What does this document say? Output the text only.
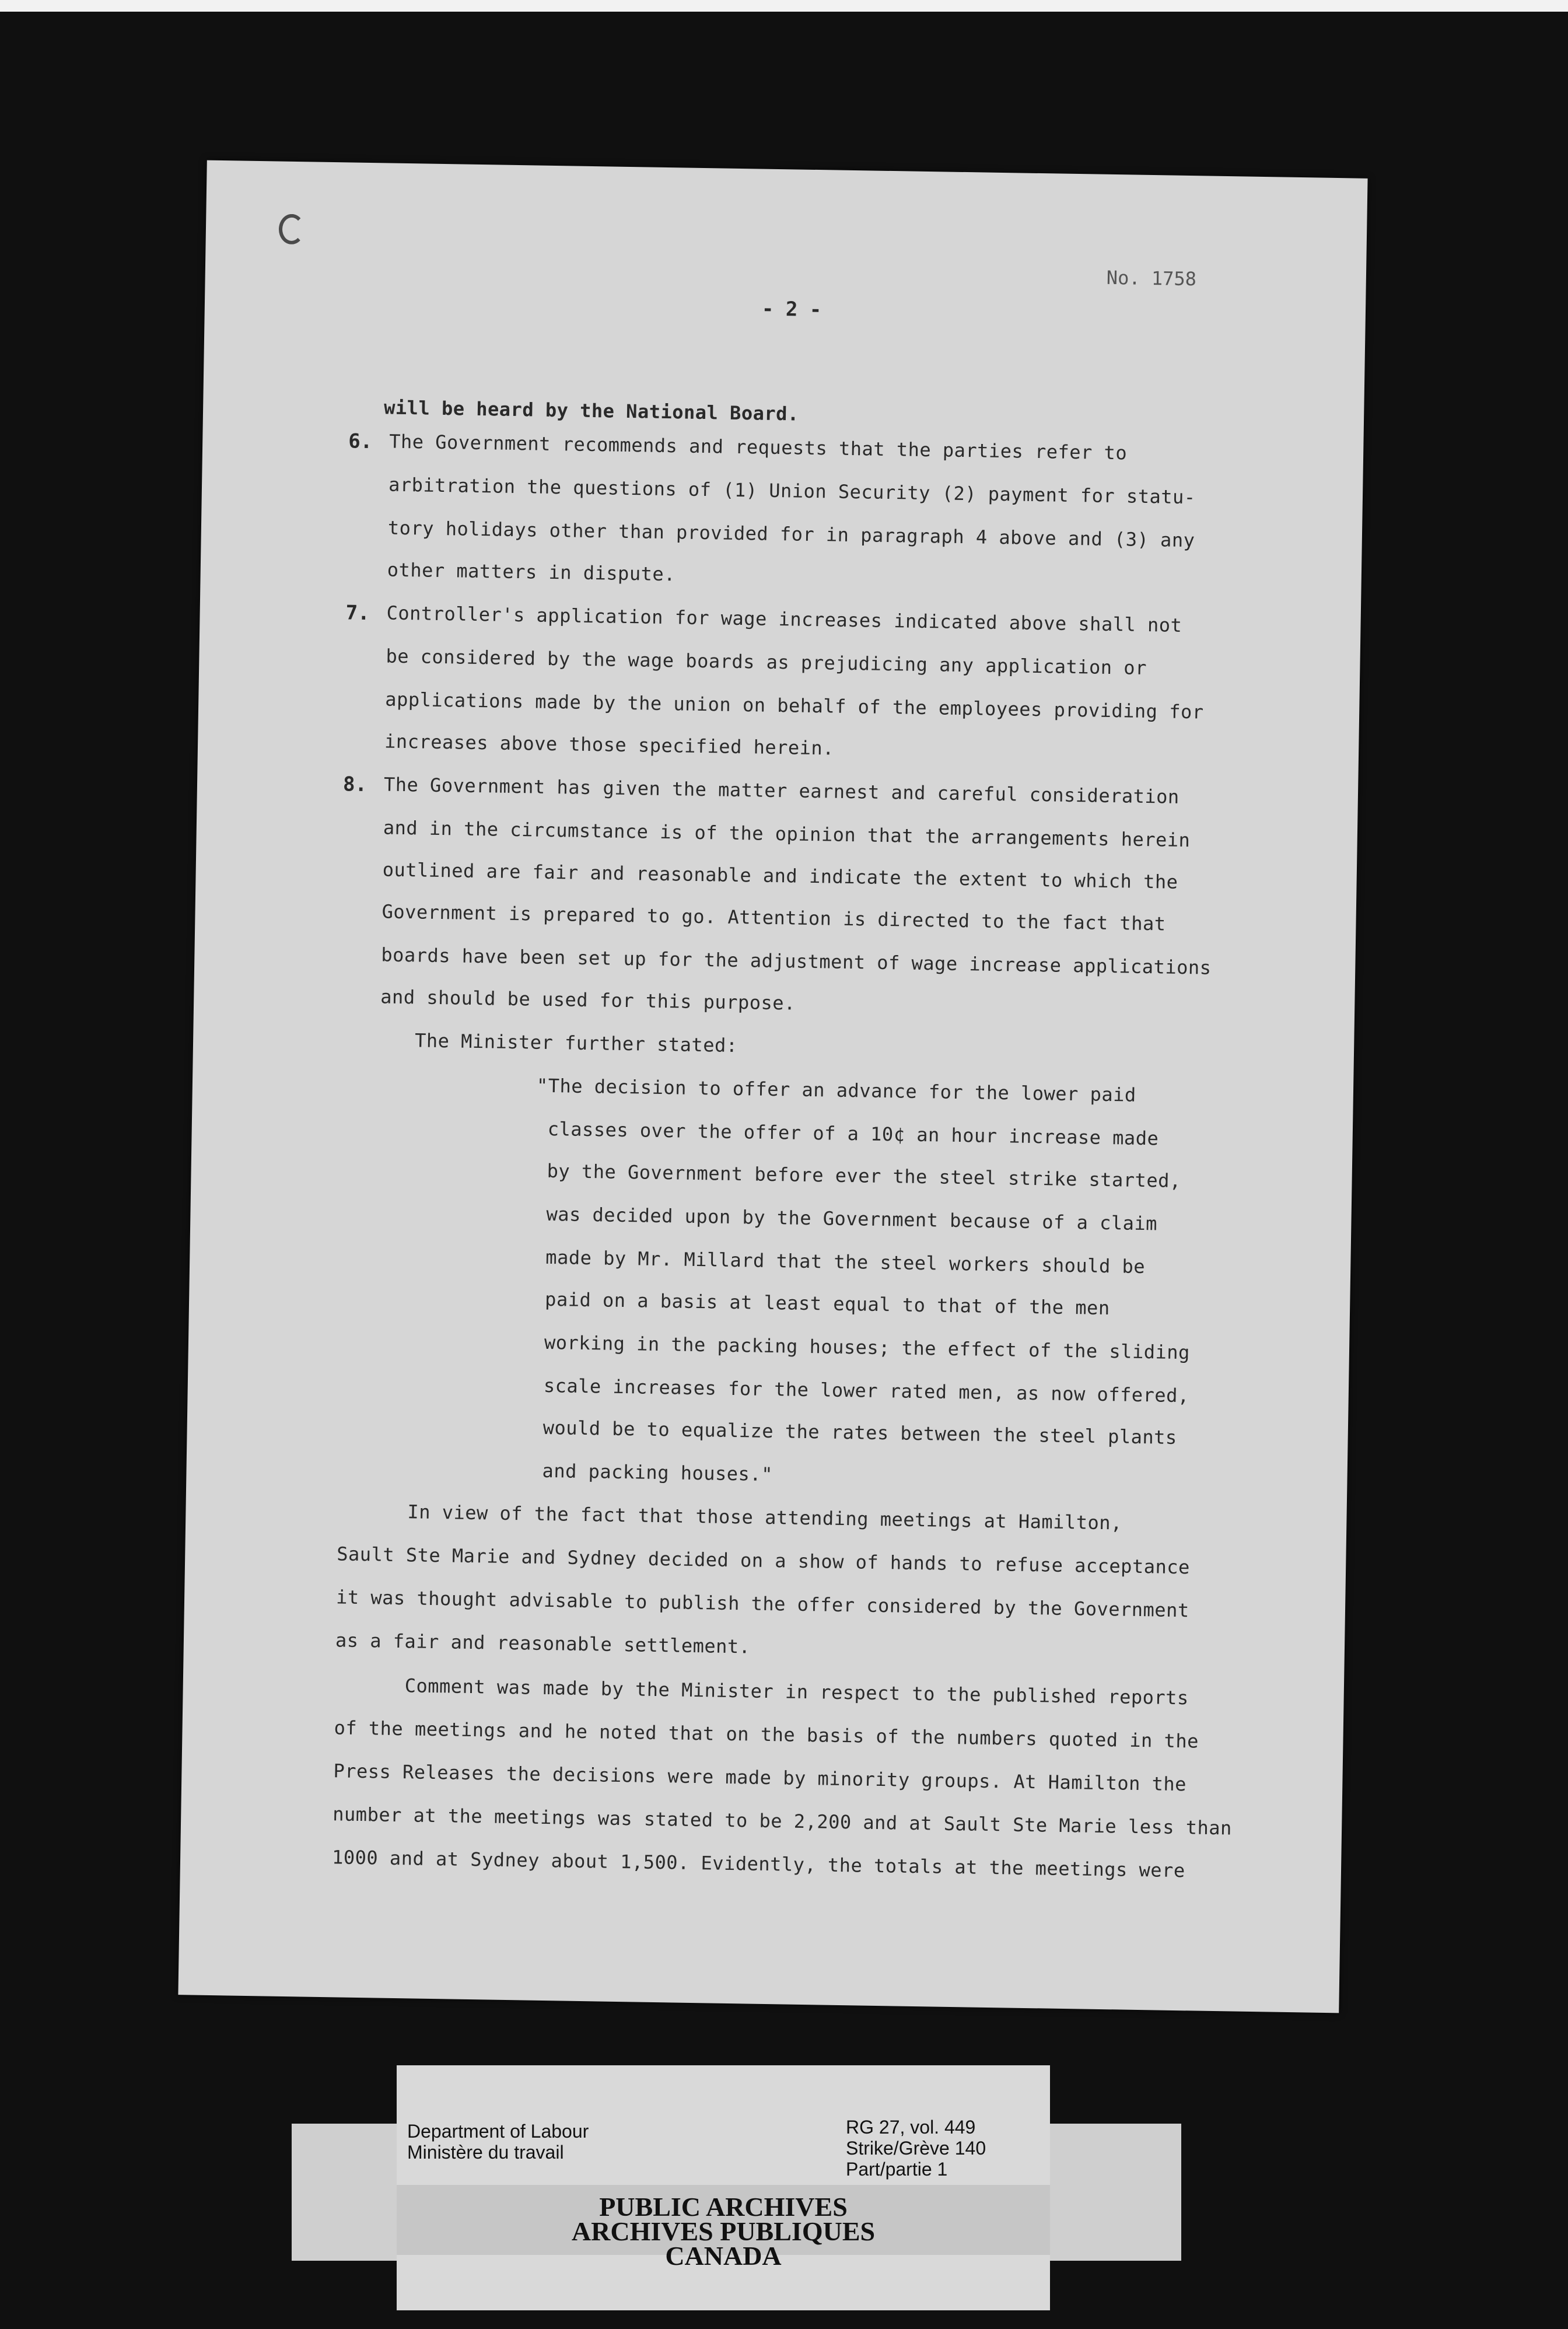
No. 1758
- 2 -
will be heard by the National Board.
6. The Government recommends and requests that the parties refer to
arbitration the questions of (1) Union Security (2) payment for statu-
tory holidays other than provided for in paragraph 4 above and (3) any
other matters in dispute.
7. Controller's application for wage increases indicated above shall not
be considered by the wage boards as prejudicing any application or
applications made by the union on behalf of the employees providing for
increases above those specified herein.
8. The Government has given the matter earnest and careful consideration
and in the circumstance is of the opinion that the arrangements herein
outlined are fair and reasonable and indicate the extent to which the
Government is prepared to go. Attention is directed to the fact that
boards have been set up for the adjustment of wage increase applications
and should be used for this purpose.
The Minister further stated:
"The decision to offer an advance for the lower paid
classes over the offer of a 10¢ an hour increase made
by the Government before ever the steel strike started,
was decided upon by the Government because of a claim
made by Mr. Millard that the steel workers should be
paid on a basis at least equal to that of the men
working in the packing houses; the effect of the sliding
scale increases for the lower rated men, as now offered,
would be to equalize the rates between the steel plants
and packing houses."
In view of the fact that those attending meetings at Hamilton,
Sault Ste Marie and Sydney decided on a show of hands to refuse acceptance
it was thought advisable to publish the offer considered by the Government
as a fair and reasonable settlement.
Comment was made by the Minister in respect to the published reports
of the meetings and he noted that on the basis of the numbers quoted in the
Press Releases the decisions were made by minority groups. At Hamilton the
number at the meetings was stated to be 2,200 and at Sault Ste Marie less than
1000 and at Sydney about 1,500. Evidently, the totals at the meetings were
Department of Labour
Ministère du travail
RG 27, vol. 449
Strike/Grève 140
Part/partie 1
PUBLIC ARCHIVES
ARCHIVES PUBLIQUES
CANADA
